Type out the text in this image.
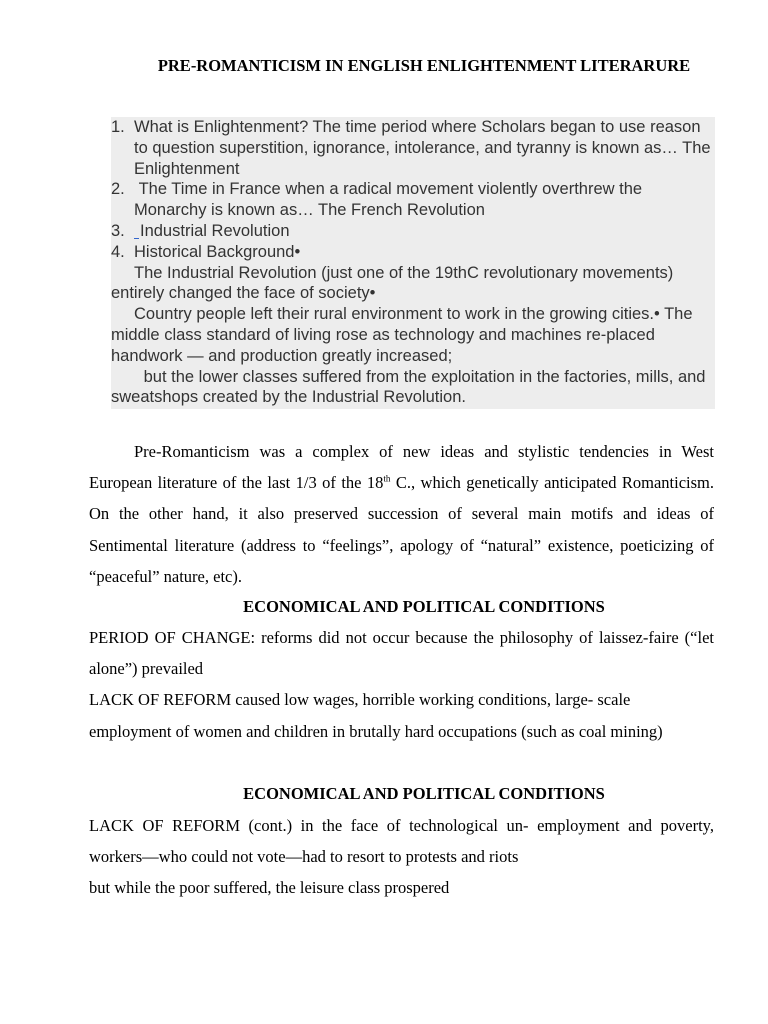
PRE-ROMANTICISM IN ENGLISH ENLIGHTENMENT LITERARURE
1. What is Enlightenment? The time period where Scholars began to use reason to question superstition, ignorance, intolerance, and tyranny is known as… The Enlightenment
2. The Time in France when a radical movement violently overthrew the Monarchy is known as… The French Revolution
3. Industrial Revolution
4. Historical Background•
The Industrial Revolution (just one of the 19thC revolutionary movements) entirely changed the face of society•
Country people left their rural environment to work in the growing cities.• The middle class standard of living rose as technology and machines re-placed handwork — and production greatly increased;
but the lower classes suffered from the exploitation in the factories, mills, and sweatshops created by the Industrial Revolution.

Pre-Romanticism was a complex of new ideas and stylistic tendencies in West European literature of the last 1/3 of the 18th C., which genetically anticipated Romanticism. On the other hand, it also preserved succession of several main motifs and ideas of Sentimental literature (address to “feelings”, apology of “natural” existence, poeticizing of “peaceful” nature, etc).

ECONOMICAL AND POLITICAL CONDITIONS
PERIOD OF CHANGE: reforms did not occur because the philosophy of laissez-faire (“let alone”) prevailed
LACK OF REFORM caused low wages, horrible working conditions, large- scale employment of women and children in brutally hard occupations (such as coal mining)
ECONOMICAL AND POLITICAL CONDITIONS
LACK OF REFORM (cont.) in the face of technological un- employment and poverty, workers—who could not vote—had to resort to protests and riots
but while the poor suffered, the leisure class prospered
